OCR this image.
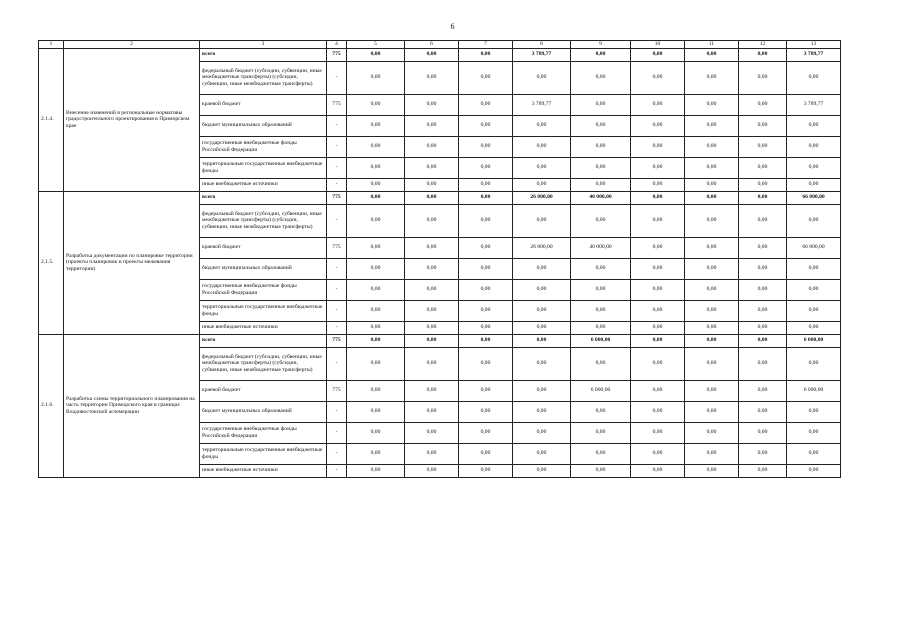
6
1	2	3	4	5	6	7	8	9	10	11	12	13
2.1.4.	Внесение изменений в региональные нормативы градостроительного проектирования в Приморском крае	всего	775	0,00	0,00	0,00	3 789,77	0,00	0,00	0,00	0,00	3 789,77
		федеральный бюджет (субсидии, субвенции, иные межбюджетные трансферты) (субсидии, субвенции, иные межбюджетные трансферты)	-	0,00	0,00	0,00	0,00	0,00	0,00	0,00	0,00	0,00
		краевой бюджет	775	0,00	0,00	0,00	3 789,77	0,00	0,00	0,00	0,00	3 789,77
		бюджет муниципальных образований	-	0,00	0,00	0,00	0,00	0,00	0,00	0,00	0,00	0,00
		государственные внебюджетные фонды Российской Федерации	-	0,00	0,00	0,00	0,00	0,00	0,00	0,00	0,00	0,00
		территориальные государственные внебюджетные фонды	-	0,00	0,00	0,00	0,00	0,00	0,00	0,00	0,00	0,00
		иные внебюджетные источники	-	0,00	0,00	0,00	0,00	0,00	0,00	0,00	0,00	0,00
2.1.5.	Разработка документации по планировке территории (проекты планировок и проекты межевания территории)	всего	775	0,00	0,00	0,00	26 800,00	40 000,00	0,00	0,00	0,00	66 800,00
		федеральный бюджет (субсидии, субвенции, иные межбюджетные трансферты) (субсидии, субвенции, иные межбюджетные трансферты)	-	0,00	0,00	0,00	0,00	0,00	0,00	0,00	0,00	0,00
		краевой бюджет	775	0,00	0,00	0,00	26 800,00	40 000,00	0,00	0,00	0,00	66 800,00
		бюджет муниципальных образований	-	0,00	0,00	0,00	0,00	0,00	0,00	0,00	0,00	0,00
		государственные внебюджетные фонды Российской Федерации	-	0,00	0,00	0,00	0,00	0,00	0,00	0,00	0,00	0,00
		территориальные государственные внебюджетные фонды	-	0,00	0,00	0,00	0,00	0,00	0,00	0,00	0,00	0,00
		иные внебюджетные источники	-	0,00	0,00	0,00	0,00	0,00	0,00	0,00	0,00	0,00
2.1.6.	Разработка схемы территориального планирования на часть территории Приморского края в границах Владивостокской агломерации	всего	775	0,00	0,00	0,00	0,00	6 000,00	0,00	0,00	0,00	6 000,00
		федеральный бюджет (субсидии, субвенции, иные межбюджетные трансферты) (субсидии, субвенции, иные межбюджетные трансферты)	-	0,00	0,00	0,00	0,00	0,00	0,00	0,00	0,00	0,00
		краевой бюджет	775	0,00	0,00	0,00	0,00	6 000,00	0,00	0,00	0,00	6 000,00
		бюджет муниципальных образований	-	0,00	0,00	0,00	0,00	0,00	0,00	0,00	0,00	0,00
		государственные внебюджетные фонды Российской Федерации	-	0,00	0,00	0,00	0,00	0,00	0,00	0,00	0,00	0,00
		территориальные государственные внебюджетные фонды	-	0,00	0,00	0,00	0,00	0,00	0,00	0,00	0,00	0,00
		иные внебюджетные источники	-	0,00	0,00	0,00	0,00	0,00	0,00	0,00	0,00	0,00
